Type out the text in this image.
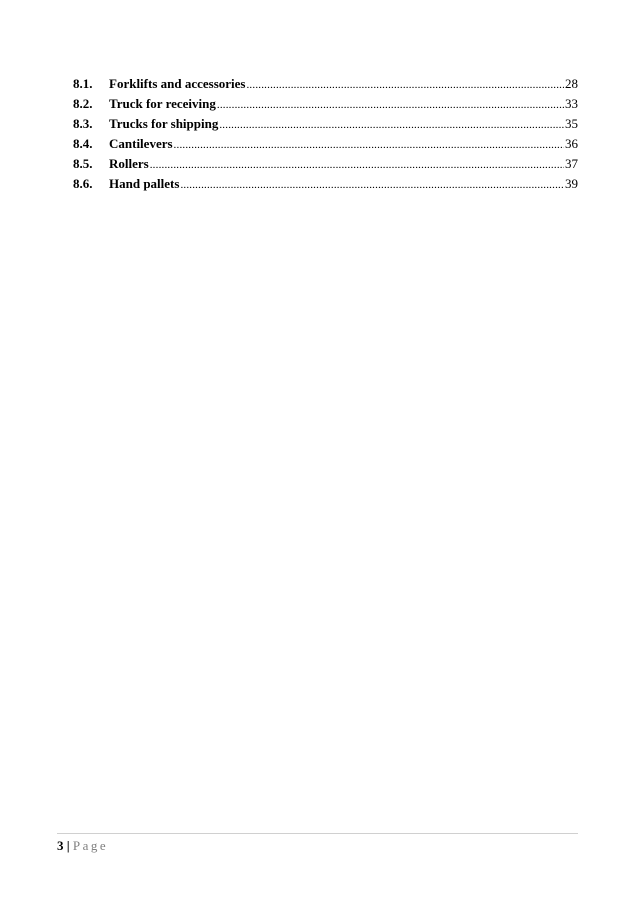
8.1.	Forklifts and accessories .....	28
8.2.	Truck for receiving .....	33
8.3.	Trucks for shipping .....	35
8.4.	Cantilevers .....	36
8.5.	Rollers .....	37
8.6.	Hand pallets .....	39
3 | Page
